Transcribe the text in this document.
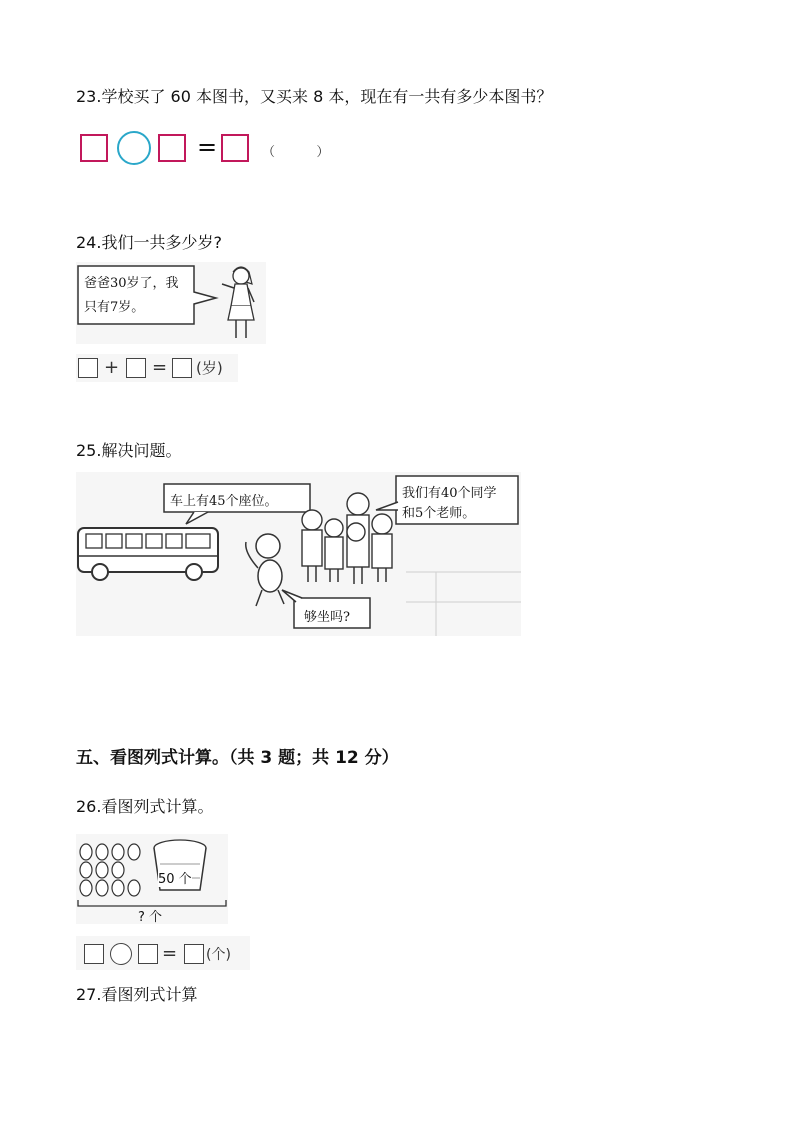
23.学校买了 60 本图书，又买来 8 本，现在有一共有多少本图书？
=	（          ）
24.我们一共多少岁?
爸爸30岁了，我
只有7岁。
+ = (岁)
25.解决问题。
车上有45个座位。
我们有40个同学
和5个老师。
够坐吗?
五、看图列式计算。（共 3 题；共 12 分）
26.看图列式计算。
50 个
? 个
= (个)
27.看图列式计算
